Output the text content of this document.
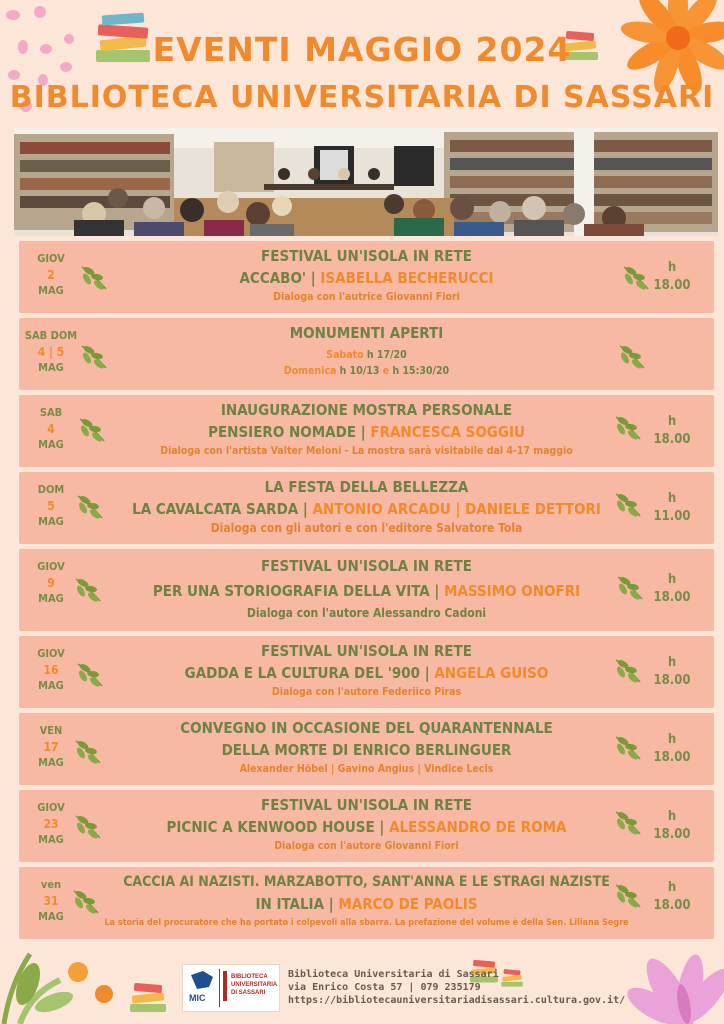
EVENTI MAGGIO 2024
BIBLIOTECA UNIVERSITARIA DI SASSARI
GIOV
2
MAG
FESTIVAL UN'ISOLA IN RETE
ACCABO' | ISABELLA BECHERUCCI
Dialoga con l'autrice Giovanni Fiori
h
18.00
SAB DOM
4 | 5
MAG
MONUMENTI APERTI
Sabato h 17/20
Domenica h 10/13 e h 15:30/20
SAB
4
MAG
INAUGURAZIONE MOSTRA PERSONALE
PENSIERO NOMADE | FRANCESCA SOGGIU
Dialoga con l'artista Valter Meloni - La mostra sarà visitabile dal 4-17 maggio
h
18.00
DOM
5
MAG
LA FESTA DELLA BELLEZZA
LA CAVALCATA SARDA | ANTONIO ARCADU | DANIELE DETTORI
Dialoga con gli autori e con l'editore Salvatore Tola
h
11.00
GIOV
9
MAG
FESTIVAL UN'ISOLA IN RETE
PER UNA STORIOGRAFIA DELLA VITA | MASSIMO ONOFRI
Dialoga con l'autore Alessandro Cadoni
h
18.00
GIOV
16
MAG
FESTIVAL UN'ISOLA IN RETE
GADDA E LA CULTURA DEL '900 | ANGELA GUISO
Dialoga con l'autore Federiico Piras
h
18.00
VEN
17
MAG
CONVEGNO IN OCCASIONE DEL QUARANTENNALE
DELLA MORTE DI ENRICO BERLINGUER
Alexander Höbel | Gavino Angius | Vindice Lecis
h
18.00
GIOV
23
MAG
FESTIVAL UN'ISOLA IN RETE
PICNIC A KENWOOD HOUSE | ALESSANDRO DE ROMA
Dialoga con l'autore Giovanni Fiori
h
18.00
ven
31
MAG
CACCIA AI NAZISTI. MARZABOTTO, SANT'ANNA E LE STRAGI NAZISTE
IN ITALIA | MARCO DE PAOLIS
La storia del procuratore che ha portato i colpevoli alla sbarra. La prefazione del volume è della Sen. Liliana Segre
h
18.00
MIC
BIBLIOTECA
UNIVERSITARIA
DI SASSARI
Biblioteca Universitaria di Sassari
via Enrico Costa 57 | 079 235179
https://bibliotecauniversitariadisassari.cultura.gov.it/
